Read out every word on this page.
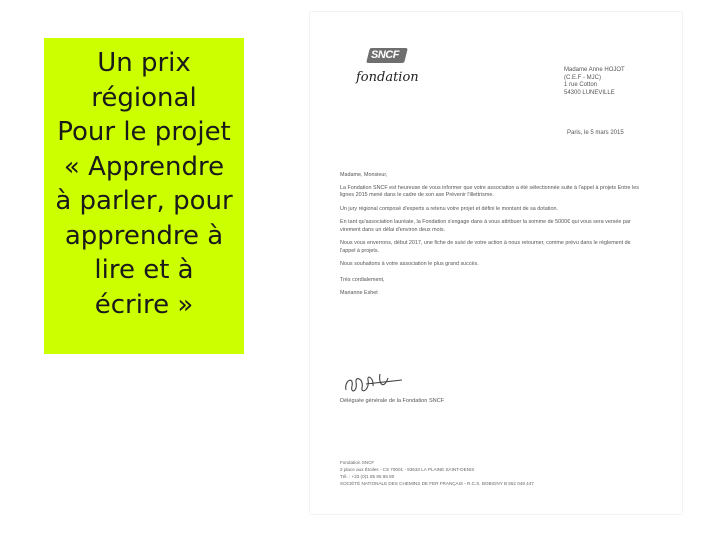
Un prix
régional
Pour le projet
« Apprendre
à parler, pour
apprendre à
lire et à
écrire »
SNCF
fondation	Madame Anne HOJOT
(C.E.F - MJC)
1 rue Cotton
54300 LUNEVILLE
Paris, le 5 mars 2015

Madame, Monsieur,

La Fondation SNCF est heureuse de vous informer que votre association a été sélectionnée suite à l'appel à projets Entre les lignes 2015 mené dans le cadre de son axe Prévenir l'illettrisme.

Un jury régional composé d'experts a retenu votre projet et défini le montant de sa dotation.

En tant qu'association lauréate, la Fondation s'engage dans à vous attribuer la somme de 5000€ qui vous sera versée par virement dans un délai d'environ deux mois.

Nous vous enverrons, début 2017, une fiche de suivi de votre action à nous retourner, comme prévu dans le règlement de l'appel à projets.

Nous souhaitons à votre association le plus grand succès.

Très cordialement,

Marianne Eshet

Déléguée générale de la Fondation SNCF
Fondation SNCF
2 place aux Étoiles - CS 70001 - 93633 LA PLAINE SAINT-DENIS
Tél. : +33 (0)1 85 85 85 80
SOCIÉTÉ NATIONALE DES CHEMINS DE FER FRANÇAIS - R.C.S. BOBIGNY B 552 049 447
